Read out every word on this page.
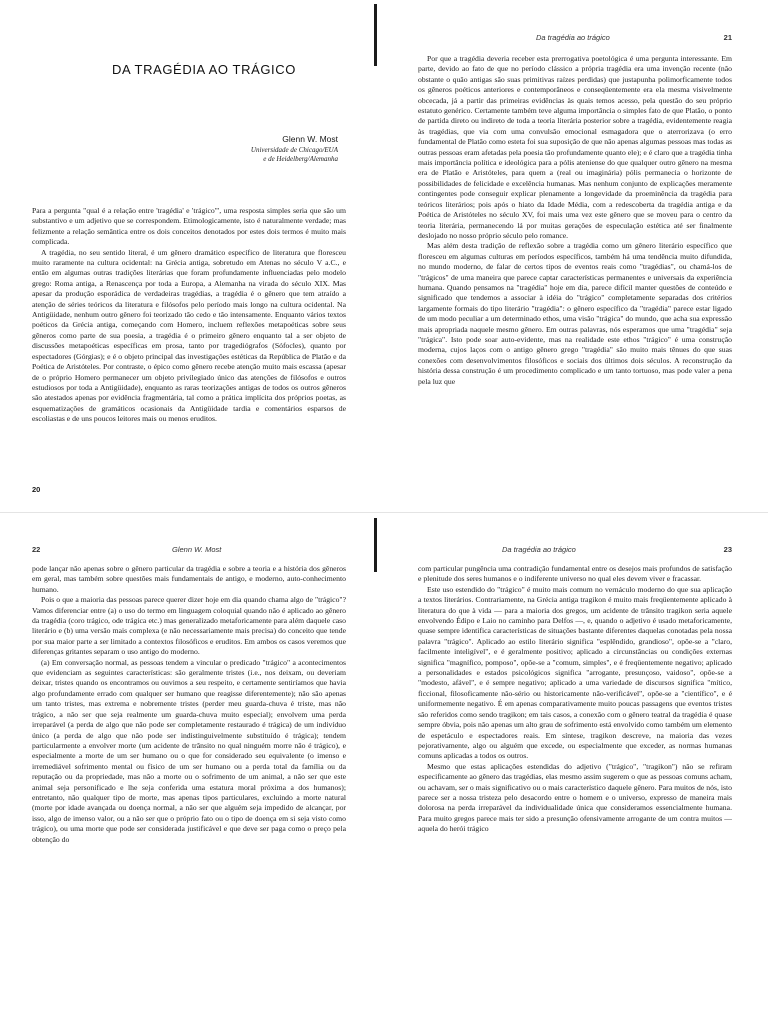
DA TRAGÉDIA AO TRÁGICO
Glenn W. Most
Universidade de Chicago/EUA
e de Heidelberg/Alemanha

Para a pergunta "qual é a relação entre 'tragédia' e 'trágico'", uma resposta simples seria que são um substantivo e um adjetivo que se correspondem. Etimologicamente, isto é naturalmente verdade; mas felizmente a relação semântica entre os dois conceitos denotados por estes dois termos é muito mais complicada.

A tragédia, no seu sentido literal, é um gênero dramático específico de literatura que floresceu muito raramente na cultura ocidental: na Grécia antiga, sobretudo em Atenas no século V a.C., e então em algumas outras tradições literárias que foram profundamente influenciadas pelo modelo grego: Roma antiga, a Renascença por toda a Europa, a Alemanha na virada do século XIX. Mas apesar da produção esporádica de verdadeiras tragédias, a tragédia é o gênero que tem atraído a atenção de séries teóricos da literatura e filósofos pelo período mais longo na cultura ocidental. Na Antigüidade, nenhum outro gênero foi teorizado tão cedo e tão intensamente. Enquanto vários textos poéticos da Grécia antiga, começando com Homero, incluem reflexões metapoéticas sobre seus gêneros como parte de sua poesia, a tragédia é o primeiro gênero enquanto tal a ser objeto de discussões metapoéticas específicas em prosa, tanto por tragediógrafos (Sófocles), quanto por espectadores (Górgias); e é o objeto principal das investigações estéticas da República de Platão e da Poética de Aristóteles. Por contraste, o épico como gênero recebe atenção muito mais escassa (apesar de o próprio Homero permanecer um objeto privilegiado único das atenções de filósofos e outros estudiosos por toda a Antigüidade), enquanto as raras teorizações antigas de todos os outros gêneros são atestados apenas por evidência fragmentária, tal como a prática implícita dos próprios poetas, as esquematizações de gramáticos ocasionais da Antigüidade tardia e comentários esparsos de escoliastas e de uns poucos leitores mais ou menos eruditos.

20
Da tragédia ao trágico	21

Por que a tragédia deveria receber esta prerrogativa poetológica é uma pergunta interessante. Em parte, devido ao fato de que no período clássico a própria tragédia era uma invenção recente (não obstante o quão antigas são suas primitivas raízes perdidas) que justapunha polimorficamente todos os gêneros poéticos anteriores e contemporâneos e conseqüentemente era ela mesma visivelmente obcecada, já a partir das primeiras evidências às quais temos acesso, pela questão do seu próprio estatuto genérico. Certamente também teve alguma importância o simples fato de que Platão, o ponto de partida direto ou indireto de toda a teoria literária posterior sobre a tragédia, evidentemente reagia às tragédias, que via com uma convulsão emocional esmagadora que o aterrorizava (o erro fundamental de Platão como esteta foi sua suposição de que não apenas algumas pessoas mas todas as outras pessoas eram afetadas pela poesia tão profundamente quanto ele); e é claro que a tragédia tinha mais importância política e ideológica para a pólis ateniense do que qualquer outro gênero na mesma era de Platão e Aristóteles, para quem a (real ou imaginária) pólis permanecia o horizonte de possibilidades de felicidade e excelência humanas. Mas nenhum conjunto de explicações meramente contingentes pode conseguir explicar plenamente a longevidade da proeminência da tragédia para teóricos literários; pois após o hiato da Idade Média, com a redescoberta da tragédia antiga e da Poética de Aristóteles no século XV, foi mais uma vez este gênero que se moveu para o centro da teoria literária, permanecendo lá por muitas gerações de especulação estética até ser finalmente deslojado no nosso próprio século pelo romance.

Mas além desta tradição de reflexão sobre a tragédia como um gênero literário específico que floresceu em algumas culturas em períodos específicos, também há uma tendência muito difundida, no mundo moderno, de falar de certos tipos de eventos reais como "tragédias", ou chamá-los de "trágicos" de uma maneira que parece captar características permanentes e universais da experiência humana. Quando pensamos na "tragédia" hoje em dia, parece difícil manter questões de conteúdo e significado que tendemos a associar à idéia do "trágico" completamente separadas dos critérios largamente formais do tipo literário "tragédia": o gênero específico da "tragédia" parece estar ligado de um modo peculiar a um determinado ethos, uma visão "trágica" do mundo, que acha sua expressão mais apropriada naquele mesmo gênero. Em outras palavras, nós esperamos que uma "tragédia" seja "trágica". Isto pode soar auto-evidente, mas na realidade este ethos "trágico" é uma construção moderna, cujos laços com o antigo gênero grego "tragédia" são muito mais tênues do que suas conexões com desenvolvimentos filosóficos e sociais dos últimos dois séculos. A reconstrução da história dessa construção é um procedimento complicado e um tanto tortuoso, mas pode valer a pena pela luz que

22	Glenn W. Most

pode lançar não apenas sobre o gênero particular da tragédia e sobre a teoria e a história dos gêneros em geral, mas também sobre questões mais fundamentais de antigo, e moderno, auto-conhecimento humano.

Pois o que a maioria das pessoas parece querer dizer hoje em dia quando chama algo de "trágico"? Vamos diferenciar entre (a) o uso do termo em linguagem coloquial quando não é aplicado ao gênero da tragédia (coro trágico, ode trágica etc.) mas generalizado metaforicamente para além daquele caso literário e (b) uma versão mais complexa (e não necessariamente mais precisa) do conceito que tende por sua maior parte a ser limitado a contextos filosóficos e eruditos. Em ambos os casos veremos que diferenças gritantes separam o uso antigo do moderno.

(a) Em conversação normal, as pessoas tendem a vincular o predicado "trágico" a acontecimentos que evidenciam as seguintes características: são geralmente tristes (i.e., nos deixam, ou deveriam deixar, tristes quando os encontramos ou ouvimos a seu respeito, e certamente sentiríamos que havia algo profundamente errado com qualquer ser humano que reagisse diferentemente); não são apenas um tanto tristes, mas extrema e nobremente tristes (perder meu guarda-chuva é triste, mas não trágico, a não ser que seja realmente um guarda-chuva muito especial); envolvem uma perda irreparável (a perda de algo que não pode ser completamente restaurado é trágica) de um indivíduo único (a perda de algo que não pode ser indistinguivelmente substituído é trágica); tendem particularmente a envolver morte (um acidente de trânsito no qual ninguém morre não é trágico), e especialmente a morte de um ser humano ou o que for considerado seu equivalente (o imenso e irremediável sofrimento mental ou físico de um ser humano ou a perda total da família ou da reputação ou da propriedade, mas não a morte ou o sofrimento de um animal, a não ser que este animal seja personificado e lhe seja conferida uma estatura moral próxima a dos humanos); entretanto, não qualquer tipo de morte, mas apenas tipos particulares, excluindo a morte natural (morte por idade avançada ou doença normal, a não ser que alguém seja impedido de alcançar, por isso, algo de imenso valor, ou a não ser que o próprio fato ou o tipo de doença em si seja visto como trágico), ou uma morte que pode ser considerada justificável e que deve ser paga como o preço pela obtenção do

Da tragédia ao trágico	23

com particular pungência uma contradição fundamental entre os desejos mais profundos de satisfação e plenitude dos seres humanos e o indiferente universo no qual eles devem viver e fracassar.

Este uso estendido do "trágico" é muito mais comum no vernáculo moderno do que sua aplicação a textos literários. Contrariamente, na Grécia antiga tragikon é muito mais freqüentemente aplicado à literatura do que à vida — para a maioria dos gregos, um acidente de trânsito tragikon seria aquele envolvendo Édipo e Laio no caminho para Delfos —, e, quando o adjetivo é usado metaforicamente, quase sempre identifica características de situações bastante diferentes daquelas conotadas pela nossa palavra "trágico". Aplicado ao estilo literário significa "esplêndido, grandioso", opõe-se a "claro, facilmente inteligível", e é geralmente positivo; aplicado a circunstâncias ou condições externas significa "magnífico, pomposo", opõe-se a "comum, simples", e é freqüentemente negativo; aplicado a personalidades e estados psicológicos significa "arrogante, presunçoso, vaidoso", opõe-se a "modesto, afável", e é sempre negativo; aplicado a uma variedade de discursos significa "mítico, ficcional, filosoficamente não-sério ou historicamente não-verificável", opõe-se a "científico", e é uniformemente negativo. É em apenas comparativamente muito poucas passagens que eventos tristes são referidos como sendo tragikon; em tais casos, a conexão com o gênero teatral da tragédia é quase sempre óbvia, pois não apenas um alto grau de sofrimento está envolvido como também um elemento de espetáculo e espectadores reais. Em síntese, tragikon descreve, na maioria das vezes pejorativamente, algo ou alguém que excede, ou especialmente que exceder, as normas humanas comuns aplicadas a todos os outros.

Mesmo que estas aplicações estendidas do adjetivo ("trágico", "tragikon") não se refiram especificamente ao gênero das tragédias, elas mesmo assim sugerem o que as pessoas comuns acham, ou achavam, ser o mais significativo ou o mais característico daquele gênero. Para muitos de nós, isto parece ser a nossa tristeza pelo desacordo entre o homem e o universo, expresso de maneira mais dolorosa na perda irreparável da individualidade única que consideramos essencialmente humana. Para muito gregos parece mais ter sido a presunção ofensivamente arrogante de um contra muitos — aquela do herói trágico
